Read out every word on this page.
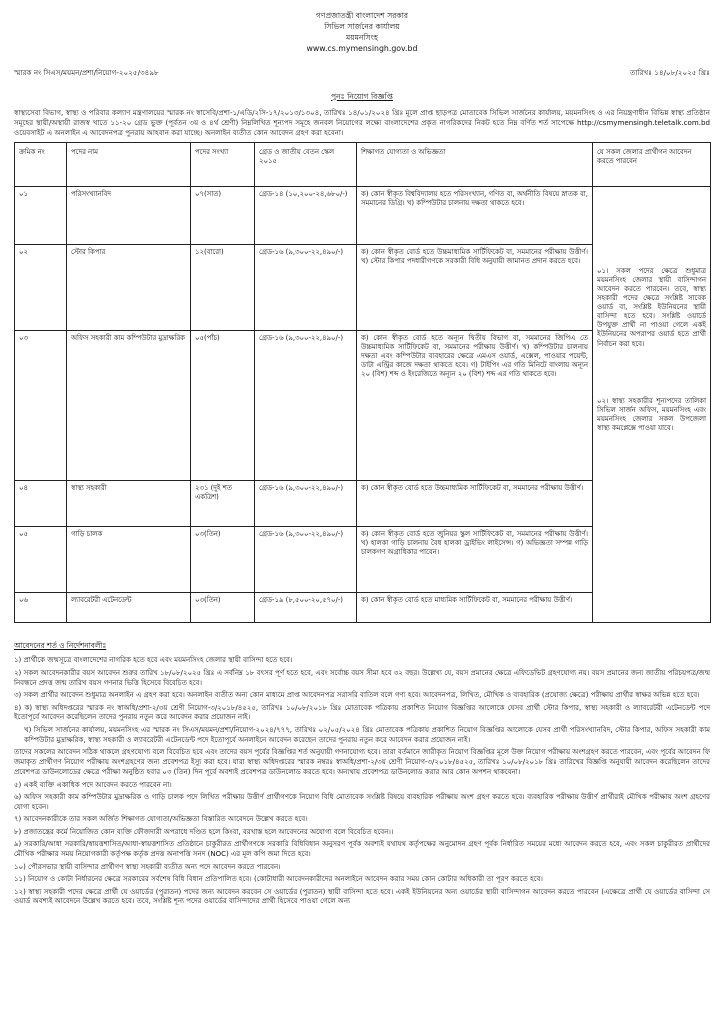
গণপ্রজাতন্ত্রী বাংলাদেশ সরকার
সিভিল সার্জনের কার্যালয়
ময়মনসিংহ
www.cs.mymensingh.gov.bd
স্মারক নং সিএস/ময়মন/প্রশা/নিয়োগ-২০২৫/৩৪৯৮	তারিখঃ ১৪/০৮/২০২৫ খ্রিঃ
পুনঃ নিয়োগ বিজ্ঞপ্তি
স্বাস্থ্যসেবা বিভাগ, স্বাস্থ্য ও পরিবার কল্যাণ মন্ত্রণালয়ের স্মারক নং স্বাসেবি/প্রশা-১/এডি/২সি-১৭/২০১৩/১৩০৪, তারিখঃ ১৪/০১/২০২৪ খ্রিঃ মূলে প্রাপ্ত ছাড়পত্র মোতাবেক সিভিল সার্জনের কার্যালয়, ময়মনসিংহ ও এর নিয়ন্ত্রণাধীন বিভিন্ন স্বাস্থ্য প্রতিষ্ঠান সমূহের স্থায়ী/অস্থায়ী রাজস্ব খাতে ১১-২০ গ্রেড ভুক্ত (পূর্বতন ৩য় ও ৪র্থ শ্রেণী) নিম্নলিখিত শূন্যপদ সমূহে জনবল নিয়োগের লক্ষ্যে বাংলাদেশের প্রকৃত নাগরিকদের নিকট হতে নিম্ন বর্ণিত শর্ত সাপেক্ষে http://csmymensingh.teletalk.com.bd ওয়েবসাইট এ অনলাইন এ আবেদনপত্র পুনরায় আহবান করা যাচ্ছে। অনলাইন ব্যতীত কোন আবেদন গ্রহণ করা হবেনা।
ক্রমিক নং	পদের নাম	পদের সংখ্যা	গ্রেড ও জাতীয় বেতন স্কেল ২০১৫	শিক্ষাগত যোগ্যতা ও অভিজ্ঞতা	যে সকল জেলার প্রার্থীগন আবেদন করতে পারবেন
০১	পরিসংখ্যানবিদ	০৭(সাত)	গ্রেড-১৪ (১০,২০০-২৪,৬৮০/-)	ক) কোন স্বীকৃত বিশ্ববিদ্যালয় হতে পরিসংখ্যান, গণিত বা, অর্থনীতি বিষয়ে স্নাতক বা, সমমানের ডিগ্রি। খ) কম্পিউটার চালনায় দক্ষতা থাকতে হবে।	০১। সকল পদের ক্ষেত্রে শুধুমাত্র ময়মনসিংহ জেলার স্থায়ী বাসিন্দাগন আবেদন করতে পারবেন। তবে, স্বাস্থ্য সহকারী পদের ক্ষেত্রে সংশ্লিষ্ট সাবেক ওয়ার্ড বা, সংশ্লিষ্ট ইউনিয়নের স্থায়ী বাসিন্দা হতে হবে। সংশ্লিষ্ট ওয়ার্ডে উপযুক্ত প্রার্থী না পাওয়া গেলে একই ইউনিয়নের অপরাপর ওয়ার্ড হতে প্রার্থী নির্বাচন করা হবে।
০২। স্বাস্থ্য সহকারীর শূন্যপদের তালিকা সিভিল সার্জন অফিস, ময়মনসিংহ এবং ময়মনসিংহ জেলার সকল উপজেলা স্বাস্থ্য কমপ্লেক্সে পাওয়া যাবে।

০২	স্টোর কিপার	১২(বারো)	গ্রেড-১৬ (৯,৩০০-২২,৪৯০/-)	ক) কোন স্বীকৃত বোর্ড হতে উচ্চমাধ্যমিক সার্টিফিকেট বা, সমমানের পরীক্ষায় উত্তীর্ণ। খ) স্টোর কিপার পদধারীগণকে সরকারী বিধি অনুযায়ী জামানত প্রদান করতে হবে।	
০৩	অফিস সহকারী কাম কম্পিউটার মুদ্রাক্ষরিক	০৫(পাঁচ)	গ্রেড-১৬ (৯,৩০০-২২,৪৯০/-)	ক) কোন স্বীকৃত বোর্ড হতে অন্যূন দ্বিতীয় বিভাগ বা, সমমানের জিপিএ তে উচ্চমাধ্যমিক সার্টিফিকেট বা, সমমানের পরীক্ষায় উত্তীর্ণ। খ) কম্পিউটার চালনায় দক্ষতা এবং কম্পিউটার ব্যবহারের ক্ষেত্রে এমএস ওয়ার্ড, এক্সেল, পাওয়ার পয়েন্ট, ডাটা এন্ট্রির কাজে দক্ষতা থাকতে হবে। গ) টাইপিং এর গতি মিনিটে বাংলায় অন্যূন ২০ (বিশ) শব্দ ও ইংরেজিতে অন্যূন ২০ (বিশ) শব্দ এর গতি থাকতে হবে।	
০৪	স্বাস্থ্য সহকারী	২৩১ (দুই শত একত্রিশ)	গ্রেড-১৬ (৯,৩০০-২২,৪৯০/-)	ক) কোন স্বীকৃত বোর্ড হতে উচ্চমাধ্যমিক সার্টিফিকেট বা, সমমানের পরীক্ষায় উত্তীর্ণ।	
০৫	গাড়ি চালক	০৩(তিন)	গ্রেড-১৬ (৯,৩০০-২২,৪৯০/-)	ক) কোন স্বীকৃত বোর্ড হতে জুনিয়র স্কুল সার্টিফিকেট বা, সমমানের পরীক্ষায় উত্তীর্ণ। খ) হালকা গাড়ি চালনায় বৈধ হালকা ড্রাইভিং লাইসেন্স। গ) অভিজ্ঞতা সম্পন্ন গাড়ি চালকগণ অগ্রাধিকার পাবেন।	
০৬	ল্যাবরেটরী এটেনডেন্ট	০৩(তিন)	গ্রেড-১৯ (৮,৫০০-২০,৫৭০/-)	ক) কোন স্বীকৃত বোর্ড হতে মাধ্যমিক সার্টিফিকেট বা, সমমানের পরীক্ষায় উত্তীর্ণ।	
আবেদনের শর্ত ও নির্দেশনাবলীঃ

১) প্রার্থীকে জন্মসূত্রে বাংলাদেশের নাগরিক হতে হবে এবং ময়মনসিংহ জেলার স্থায়ী বাসিন্দা হতে হবে।

২) সকল আবেদনকারীর বয়স আবেদন শুরুর তারিখ ১৮/০৮/২০২৫ খ্রিঃ এ সর্বনিম্ন ১৮ বৎসর পূর্ণ হতে হবে, এবং সর্বোচ্চ বয়স সীমা হবে ৩২ বছর। উল্লেখ্য যে, বয়স প্রমানের ক্ষেত্রে এফিডেভিট গ্রহণযোগ্য নয়। বয়স প্রমানের জন্য জাতীয় পরিচয়পত্র/জন্ম নিবন্ধনে প্রদত্ত জন্ম তারিখ বয়স গণনার ভিত্তি হিসেবে বিবেচিত হবে।

৩) সকল প্রার্থীর আবেদন শুধুমাত্র অনলাইন এ গ্রহণ করা হবে। অনলাইন ব্যতীত অন্য কোন মাধ্যমে প্রাপ্ত আবেদনপত্র সরাসরি বাতিল বলে গণ্য হবে। আবেদনপত্র, লিখিত, মৌখিক ও ব্যবহারিক (প্রযোজ্য ক্ষেত্রে) পরীক্ষায় প্রার্থীর স্বাক্ষর অভিন্ন হতে হবে।

৪) ক) স্বাস্থ্য অধিদপ্তরের স্মারক নং স্বাঅধি/প্রশা-২/৩য় শ্রেণী নিয়োগ-৩/২০১৮/৪৫২৫, তারিখঃ ১০/০৮/২০১৮ খ্রিঃ মোতাবেক পত্রিকায় প্রকাশিত নিয়োগ বিজ্ঞপ্তির আলোকে যেসব প্রার্থী স্টোর কিপার, স্বাস্থ্য সহকারী ও ল্যাবরেটরী এটেনডেন্ট পদে ইতোপূর্বে আবেদন করেছিলেন তাদের পুনরায় নতুন করে আবেদন করার প্রয়োজন নাই।

খ) সিভিল সার্জনের কার্যালয়, ময়মনসিংহ এর স্মারক নং সিএস/ময়মন/প্রশা/নিয়োগ-২০২৪/৭৭৭, তারিখঃ ০২/০৫/২০২৪ খ্রিঃ মোতাবেক পত্রিকায় প্রকাশিত নিয়োগ বিজ্ঞপ্তির আলোকে যেসব প্রার্থী পরিসংখ্যানবিদ, স্টোর কিপার, অফিস সহকারী কাম কম্পিউটার মুদ্রাক্ষরিক, স্বাস্থ্য সহকারী ও ল্যাবরেটরী এটেনডেন্ট পদে ইতোপূর্বে অনলাইনে আবেদন করেছেন তাদের পুনরায় নতুন করে আবেদন করার প্রয়োজন নাই।

তাদের সকলের আবেদন সঠিক থাকলে গ্রহণযোগ্য বলে বিবেচিত হবে এবং তাদের বয়স পূর্বের বিজ্ঞপ্তির শর্ত অনুযায়ী গণনাযোগ্য হবে। তারা বর্তমানে জারীকৃত নিয়োগ বিজ্ঞপ্তির মূলে উক্ত নিয়োগ পরীক্ষায় অংশগ্রহণ করতে পারবেন, এবং পূর্বের আবেদন ফি জমাকৃত প্রার্থীগণ নিয়োগ পরীক্ষায় অংশগ্রহণের জন্য প্রবেশপত্র ইস্যু করা হবে। যারা স্বাস্থ্য অধিদপ্তরের স্মারক নম্বরঃ স্বাঅধি/প্রশা-২/৩য় শ্রেণী নিয়োগ-৩/২০১৮/৪৫২৫, তারিখঃ ১০/০৮/২০১৮ খ্রিঃ তারিখের বিজ্ঞপ্তি অনুযায়ী আবেদন করেছিলেন তাদের প্রবেশপত্র ডাউনলোডের ক্ষেত্রে পরীক্ষা অনুষ্ঠিত হবার ০৩ (তিন) দিন পূর্বে অবশ্যই প্রবেশপত্র ডাউনলোড করতে হবে। অন্যথায় প্রবেশপত্র ডাউনলোড করার আর কোন অপশন থাকবেনা।

৫) একই ব্যক্তি একাধিক পদে আবেদন করতে পারবেন না।

৬) অফিস সহকারী কাম কম্পিউটার মুদ্রাক্ষরিক ও গাড়ি চালক পদে লিখিত পরীক্ষায় উত্তীর্ণ প্রার্থীগণকে নিয়োগ বিধি মোতাবেক সংশ্লিষ্ট বিষয়ে ব্যবহারিক পরীক্ষায় অংশ গ্রহণ করতে হবে। ব্যবহারিক পরীক্ষায় উত্তীর্ণ প্রার্থীরাই মৌখিক পরীক্ষায় অংশ গ্রহণের যোগ্য হবেন।

৭) আবেদনকারীকে তার সকল অর্জিত শিক্ষাগত যোগ্যতা/অভিজ্ঞতা বিস্তারিত আবেদনে উল্লেখ করতে হবে।

৮) প্রজাতন্ত্রের কর্মে নিয়োজিত কোন ব্যক্তি ফৌজদারী অপরাধে দণ্ডিত হলে কিংবা, বরখাস্ত হলে আবেদনের অযোগ্য বলে বিবেচিত হবেন।।

৯) সরকারি/আধা সরকারি/স্বায়ত্তশাসিত/আধা-স্বায়ত্তশাসিত প্রতিষ্ঠানে চাকুরীরত প্রার্থীগণকে সরকারি বিধিবিধান অনুসরণ পূর্বক অবশ্যই যথাযথ কর্তৃপক্ষের অনুমোদন গ্রহণ পূর্বক নির্ধারিত সময়ের মধ্যে আবেদন করতে হবে, এবং সকল চাকুরীরত প্রার্থীদের মৌখিক পরীক্ষার সময় নিয়োগকারী কর্তৃপক্ষ কর্তৃক প্রদত্ত অনাপত্তি সনদ (NOC) এর মূল কপি জমা দিতে হবে।

১০) পৌরসভার স্থায়ী বাসিন্দার প্রার্থীগণ স্বাস্থ্য সহকারী ব্যতীত অন্য পদে আবেদন করতে পারবেন।

১১) নিয়োগ ও কোটা নির্ধারনের ক্ষেত্রে সরকারের সর্বশেষ বিধি বিধান প্রতিপালিত হবে। (কোটাধারী আবেদনকারীদের অনলাইনে আবেদন করার সময় কোন কোটার অধিকারী তা পূরণ করতে হবে।

১২) স্বাস্থ্য সহকারী পদের ক্ষেত্রে প্রার্থী যে ওয়ার্ডের (পুরাতন) পদের জন্য আবেদন করবেন সে ওয়ার্ডের (পুরাতন) স্থায়ী বাসিন্দা হতে হবে। একই ইউনিয়নের অন্য ওয়ার্ডের স্থায়ী বাসিন্দাগন আবেদন করতে পারবেন (এক্ষেত্রে প্রার্থী যে ওয়ার্ডের বাসিন্দা সে ওয়ার্ড অবশ্যই আবেদনে উল্লেখ করতে হবে। তবে, সংশ্লিষ্ট শূন্য পদের ওয়ার্ডের বাসিন্দাদের প্রার্থী হিসেবে পাওয়া গেলে অন্য
